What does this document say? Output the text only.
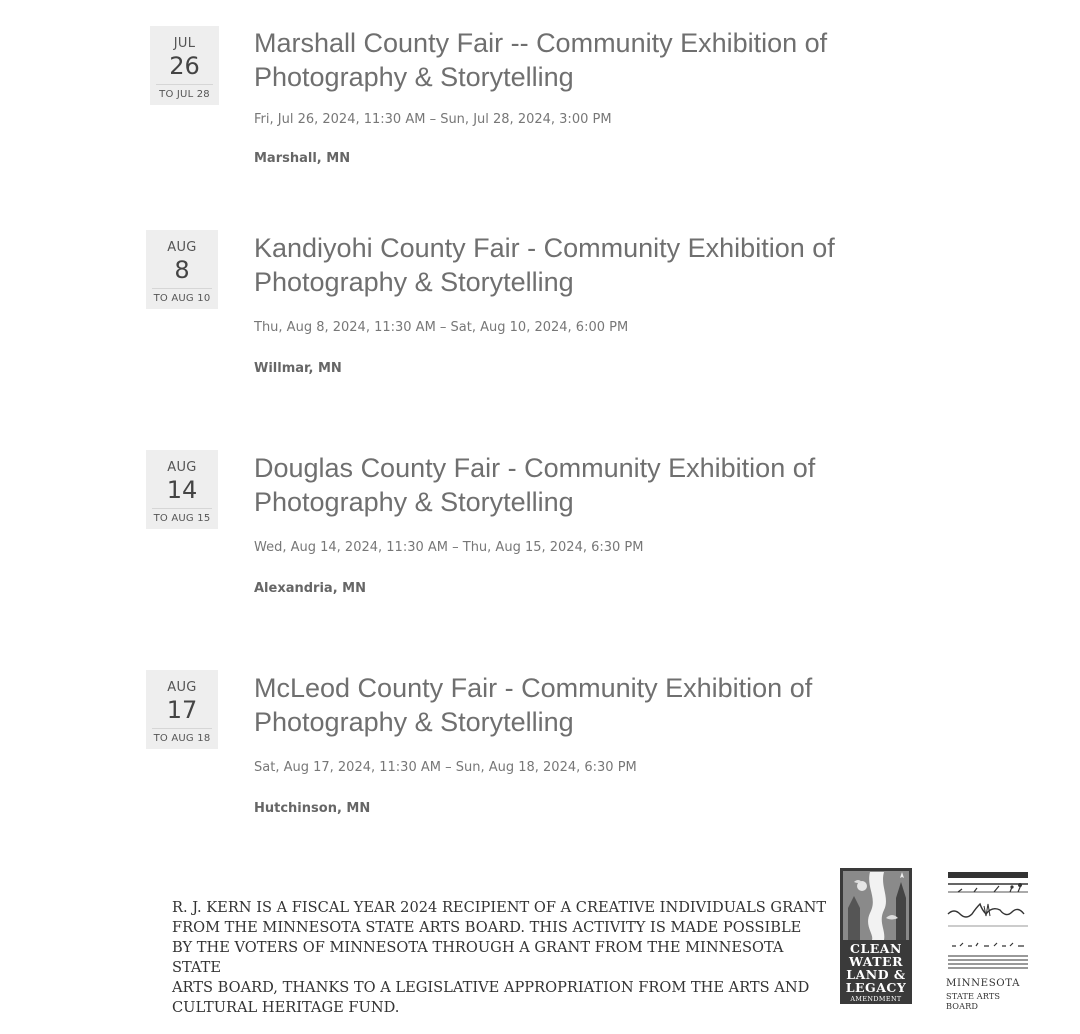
JUL
26
TO JUL 28
Marshall County Fair -- Community Exhibition of
Photography & Storytelling
Fri, Jul 26, 2024, 11:30 AM – Sun, Jul 28, 2024, 3:00 PM
Marshall, MN
AUG
8
TO AUG 10
Kandiyohi County Fair - Community Exhibition of
Photography & Storytelling
Thu, Aug 8, 2024, 11:30 AM – Sat, Aug 10, 2024, 6:00 PM
Willmar, MN
AUG
14
TO AUG 15
Douglas County Fair - Community Exhibition of
Photography & Storytelling
Wed, Aug 14, 2024, 11:30 AM – Thu, Aug 15, 2024, 6:30 PM
Alexandria, MN
AUG
17
TO AUG 18
McLeod County Fair - Community Exhibition of
Photography & Storytelling
Sat, Aug 17, 2024, 11:30 AM – Sun, Aug 18, 2024, 6:30 PM
Hutchinson, MN

R. J. KERN IS A FISCAL YEAR 2024 RECIPIENT OF A CREATIVE INDIVIDUALS GRANT
FROM THE MINNESOTA STATE ARTS BOARD. THIS ACTIVITY IS MADE POSSIBLE
BY THE VOTERS OF MINNESOTA THROUGH A GRANT FROM THE MINNESOTA STATE
ARTS BOARD, THANKS TO A LEGISLATIVE APPROPRIATION FROM THE ARTS AND
CULTURAL HERITAGE FUND.

CLEAN
WATER
LAND &
LEGACY
AMENDMENT
MINNESOTA
STATE ARTS BOARD
